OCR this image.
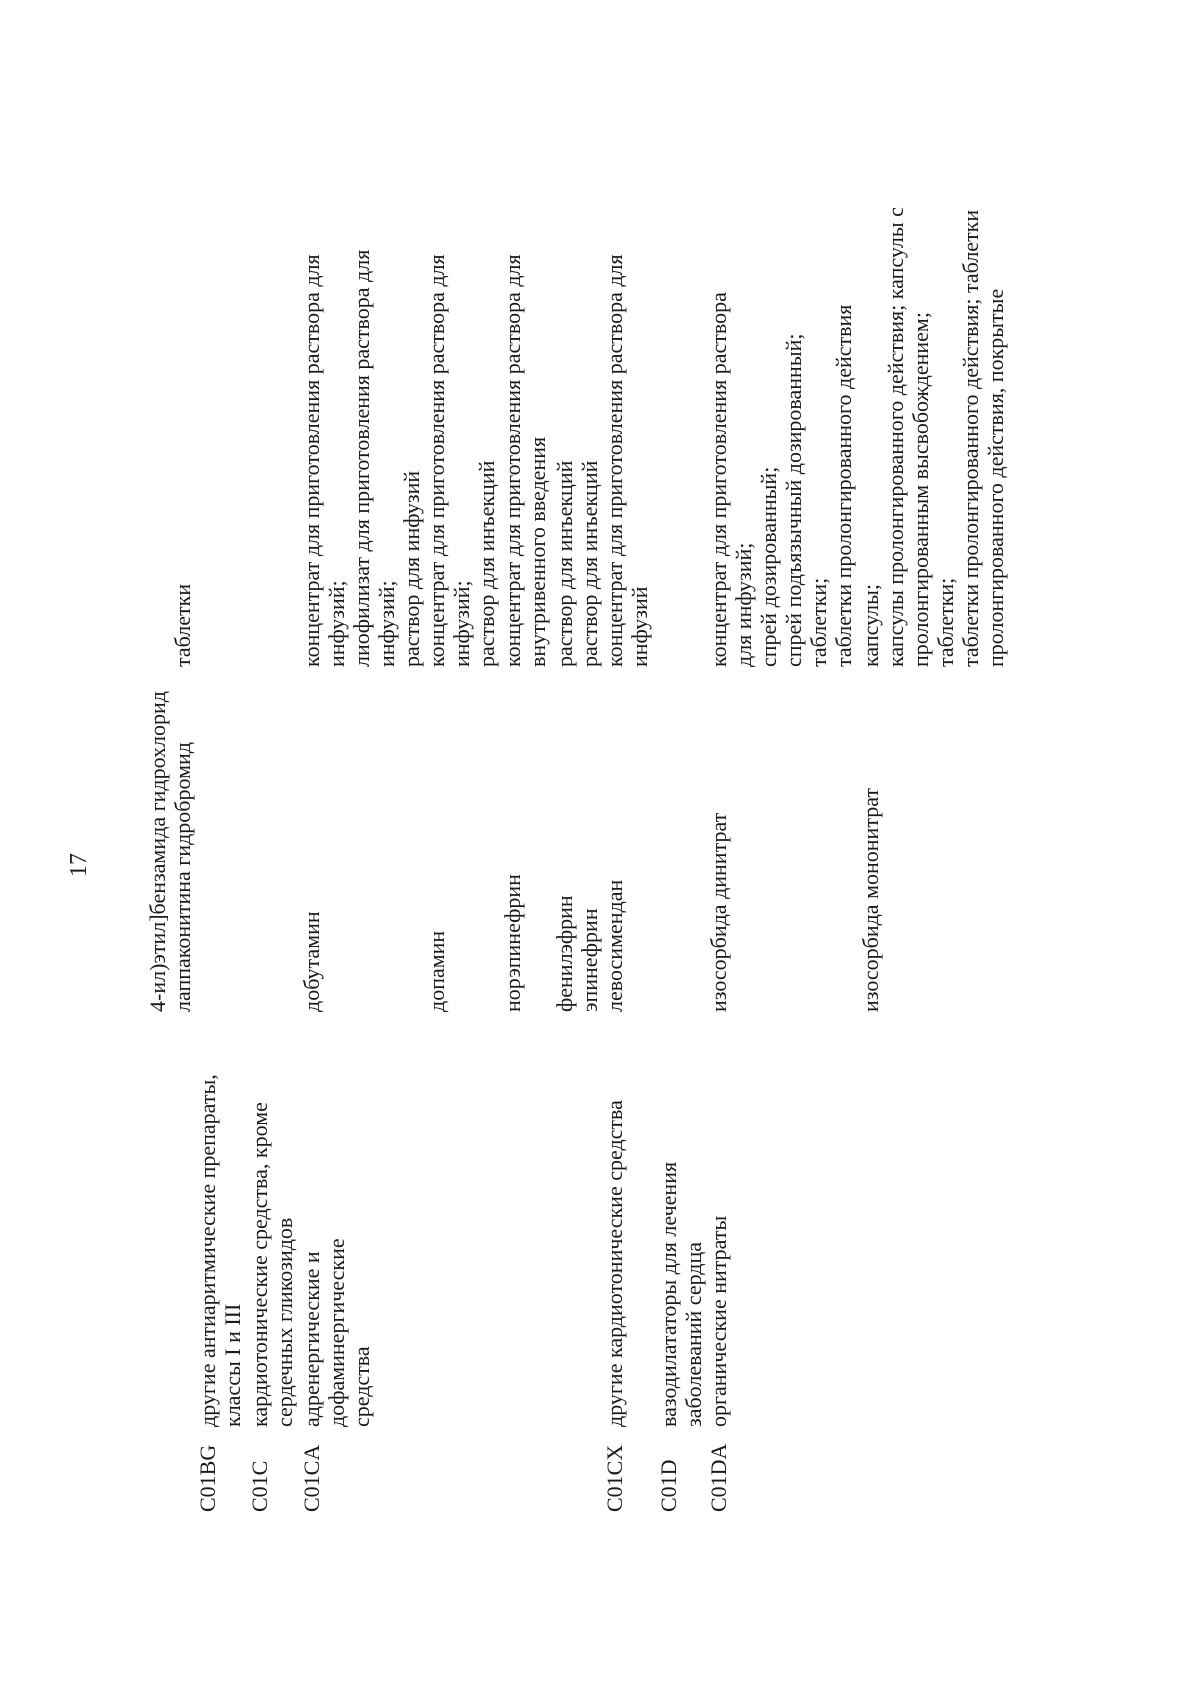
17 4-ил)этил]бензамида гидрохлорид лаппаконитина гидробромид
таблетки
C01BG
другие антиаритмические препараты,
классы I и III
C01C
кардиотонические средства, кроме
сердечных гликозидов
C01CA
адренергические и дофаминергические
средства
добутамин
концентрат для приготовления раствора для
инфузий;
лиофилизат для приготовления раствора для
инфузий;
раствор для инфузий
допамин
концентрат для приготовления раствора для
инфузий;
раствор для инъекций
норэпинефрин
концентрат для приготовления раствора для
внутривенного введения
фенилэфрин
раствор для инъекций
эпинефрин
раствор для инъекций
C01CX
другие кардиотонические средства
левосимендан
концентрат для приготовления раствора для
инфузий
C01D
вазодилататоры для лечения
заболеваний сердца
C01DA
органические нитраты
изосорбида динитрат
концентрат для приготовления раствора
для инфузий;
спрей дозированный;
спрей подъязычный дозированный;
таблетки;
таблетки пролонгированного действия
изосорбида мононитрат
капсулы;
капсулы пролонгированного действия; капсулы с
пролонгированным высвобождением;
таблетки;
таблетки пролонгированного действия; таблетки
пролонгированного действия, покрытые
